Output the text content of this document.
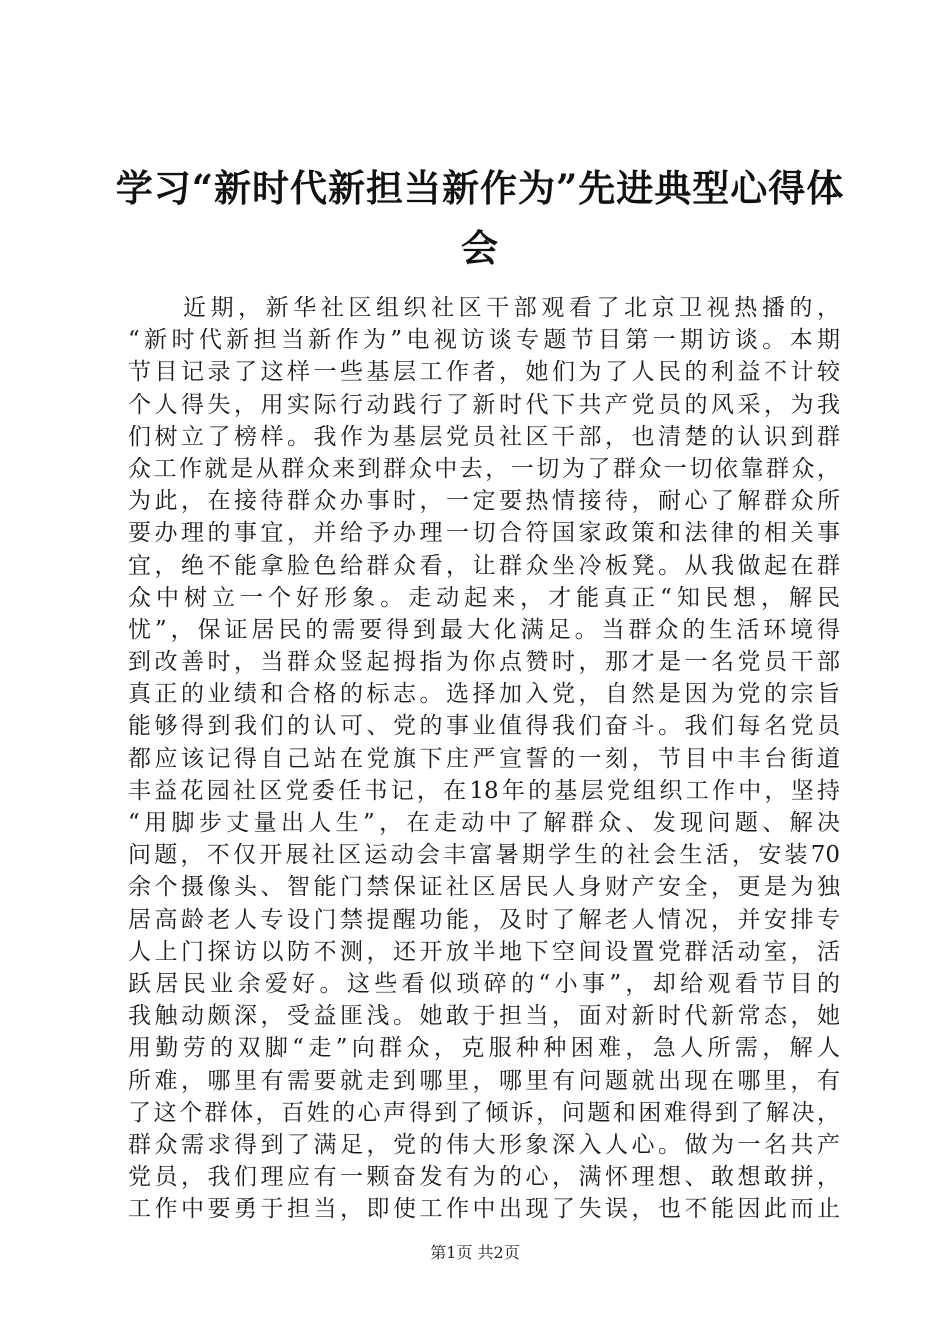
学习“新时代新担当新作为”先进典型心得体
会
近期，新华社区组织社区干部观看了北京卫视热播的，
“新时代新担当新作为”电视访谈专题节目第一期访谈。本期
节目记录了这样一些基层工作者，她们为了人民的利益不计较
个人得失，用实际行动践行了新时代下共产党员的风采，为我
们树立了榜样。我作为基层党员社区干部，也清楚的认识到群
众工作就是从群众来到群众中去，一切为了群众一切依靠群众，
为此，在接待群众办事时，一定要热情接待，耐心了解群众所
要办理的事宜，并给予办理一切合符国家政策和法律的相关事
宜，绝不能拿脸色给群众看，让群众坐冷板凳。从我做起在群
众中树立一个好形象。走动起来，才能真正“知民想，解民
忧”，保证居民的需要得到最大化满足。当群众的生活环境得
到改善时，当群众竖起拇指为你点赞时，那才是一名党员干部
真正的业绩和合格的标志。选择加入党，自然是因为党的宗旨
能够得到我们的认可、党的事业值得我们奋斗。我们每名党员
都应该记得自己站在党旗下庄严宣誓的一刻，节目中丰台街道
丰益花园社区党委任书记，在18年的基层党组织工作中，坚持
“用脚步丈量出人生”，在走动中了解群众、发现问题、解决
问题，不仅开展社区运动会丰富暑期学生的社会生活，安装70
余个摄像头、智能门禁保证社区居民人身财产安全，更是为独
居高龄老人专设门禁提醒功能，及时了解老人情况，并安排专
人上门探访以防不测，还开放半地下空间设置党群活动室，活
跃居民业余爱好。这些看似琐碎的“小事”，却给观看节目的
我触动颇深，受益匪浅。她敢于担当，面对新时代新常态，她
用勤劳的双脚“走”向群众，克服种种困难，急人所需，解人
所难，哪里有需要就走到哪里，哪里有问题就出现在哪里，有
了这个群体，百姓的心声得到了倾诉，问题和困难得到了解决，
群众需求得到了满足，党的伟大形象深入人心。做为一名共产
党员，我们理应有一颗奋发有为的心，满怀理想、敢想敢拼，
工作中要勇于担当，即使工作中出现了失误，也不能因此而止

第1页 共2页
